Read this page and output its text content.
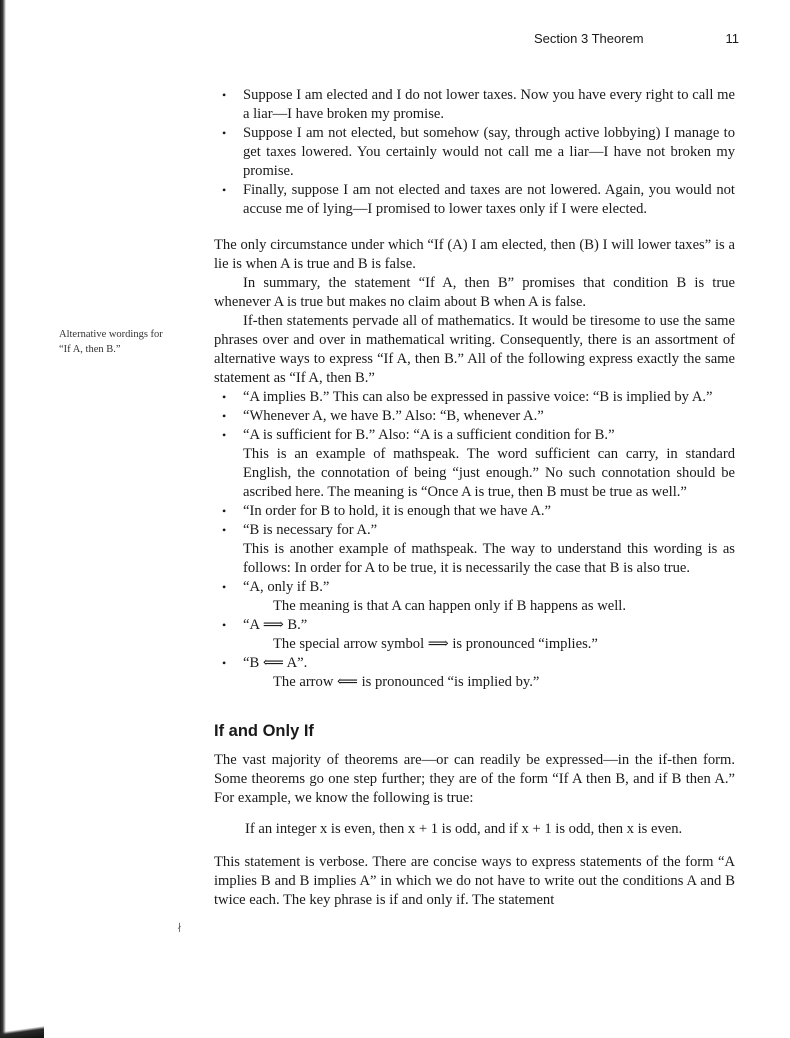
Section 3 Theorem	11
Alternative wordings for
“If A, then B.”
∤
• Suppose I am elected and I do not lower taxes. Now you have every right to call me a liar—I have broken my promise.
• Suppose I am not elected, but somehow (say, through active lobbying) I manage to get taxes lowered. You certainly would not call me a liar—I have not broken my promise.
• Finally, suppose I am not elected and taxes are not lowered. Again, you would not accuse me of lying—I promised to lower taxes only if I were elected.

The only circumstance under which “If (A) I am elected, then (B) I will lower taxes” is a lie is when A is true and B is false.

In summary, the statement “If A, then B” promises that condition B is true whenever A is true but makes no claim about B when A is false.

If-then statements pervade all of mathematics. It would be tiresome to use the same phrases over and over in mathematical writing. Consequently, there is an assortment of alternative ways to express “If A, then B.” All of the following express exactly the same statement as “If A, then B.”

• “A implies B.” This can also be expressed in passive voice: “B is implied by A.”
• “Whenever A, we have B.” Also: “B, whenever A.”
• “A is sufficient for B.” Also: “A is a sufficient condition for B.”
This is an example of mathspeak. The word sufficient can carry, in standard English, the connotation of being “just enough.” No such connotation should be ascribed here. The meaning is “Once A is true, then B must be true as well.”
• “In order for B to hold, it is enough that we have A.”
• “B is necessary for A.”
This is another example of mathspeak. The way to understand this wording is as follows: In order for A to be true, it is necessarily the case that B is also true.
• “A, only if B.”
The meaning is that A can happen only if B happens as well.
• “A ⟹ B.”
The special arrow symbol ⟹ is pronounced “implies.”
• “B ⟸ A”.
The arrow ⟸ is pronounced “is implied by.”
If and Only If

The vast majority of theorems are—or can readily be expressed—in the if-then form. Some theorems go one step further; they are of the form “If A then B, and if B then A.” For example, we know the following is true:

If an integer x is even, then x + 1 is odd, and if x + 1 is odd, then x is even.

This statement is verbose. There are concise ways to express statements of the form “A implies B and B implies A” in which we do not have to write out the conditions A and B twice each. The key phrase is if and only if. The statement
